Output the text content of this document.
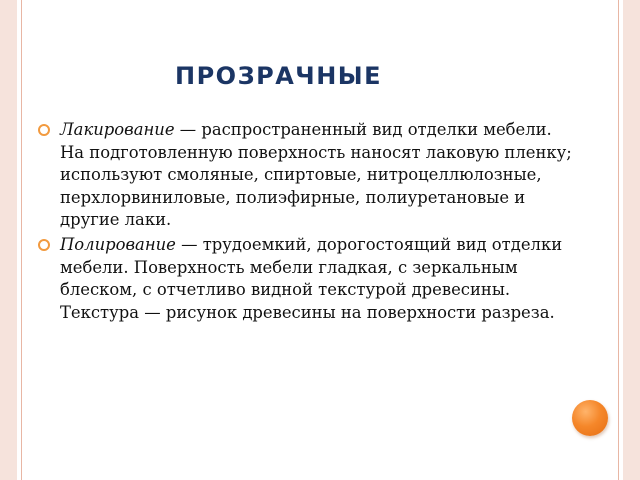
ПРОЗРАЧНЫЕ
Лакирование — распространенный вид отделки мебели. На подготовленную поверхность наносят лаковую пленку; используют смоляные, спиртовые, нитроцеллюлозные, перхлорвиниловые, полиэфирные, полиуретановые и другие лаки.
Полирование — трудоемкий, дорогостоящий вид отделки мебели. Поверхность мебели гладкая, с зеркальным блеском, с отчетливо видной текстурой древесины. Текстура — рисунок древесины на поверхности разреза.
